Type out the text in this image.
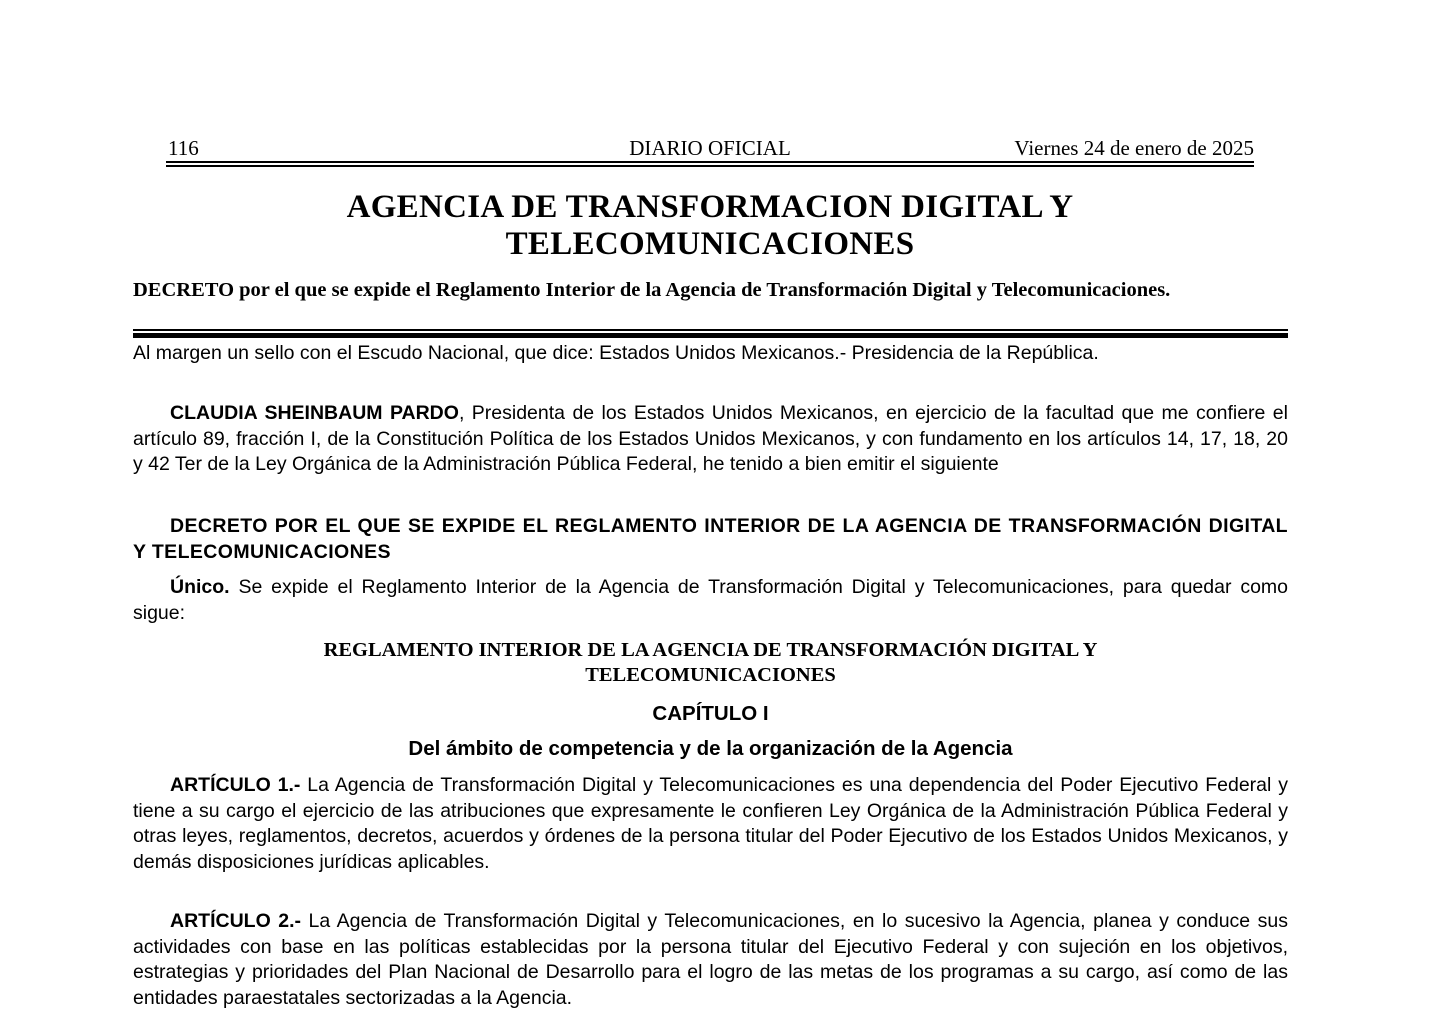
116	DIARIO OFICIAL	Viernes 24 de enero de 2025
AGENCIA DE TRANSFORMACION DIGITAL Y
TELECOMUNICACIONES
DECRETO por el que se expide el Reglamento Interior de la Agencia de Transformación Digital y Telecomunicaciones.
Al margen un sello con el Escudo Nacional, que dice: Estados Unidos Mexicanos.- Presidencia de la República.
CLAUDIA SHEINBAUM PARDO, Presidenta de los Estados Unidos Mexicanos, en ejercicio de la facultad que me confiere el artículo 89, fracción I, de la Constitución Política de los Estados Unidos Mexicanos, y con fundamento en los artículos 14, 17, 18, 20 y 42 Ter de la Ley Orgánica de la Administración Pública Federal, he tenido a bien emitir el siguiente
DECRETO POR EL QUE SE EXPIDE EL REGLAMENTO INTERIOR DE LA AGENCIA DE TRANSFORMACIÓN DIGITAL Y TELECOMUNICACIONES
Único. Se expide el Reglamento Interior de la Agencia de Transformación Digital y Telecomunicaciones, para quedar como sigue:
REGLAMENTO INTERIOR DE LA AGENCIA DE TRANSFORMACIÓN DIGITAL Y
TELECOMUNICACIONES
CAPÍTULO I
Del ámbito de competencia y de la organización de la Agencia
ARTÍCULO 1.- La Agencia de Transformación Digital y Telecomunicaciones es una dependencia del Poder Ejecutivo Federal y tiene a su cargo el ejercicio de las atribuciones que expresamente le confieren Ley Orgánica de la Administración Pública Federal y otras leyes, reglamentos, decretos, acuerdos y órdenes de la persona titular del Poder Ejecutivo de los Estados Unidos Mexicanos, y demás disposiciones jurídicas aplicables.
ARTÍCULO 2.- La Agencia de Transformación Digital y Telecomunicaciones, en lo sucesivo la Agencia, planea y conduce sus actividades con base en las políticas establecidas por la persona titular del Ejecutivo Federal y con sujeción en los objetivos, estrategias y prioridades del Plan Nacional de Desarrollo para el logro de las metas de los programas a su cargo, así como de las entidades paraestatales sectorizadas a la Agencia.
